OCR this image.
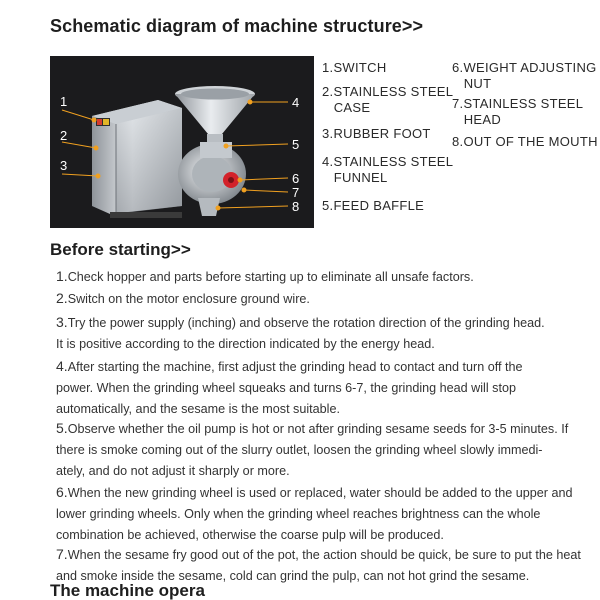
Schematic diagram of machine structure>>
1
2
3
4
5
6
7
8
1.SWITCH
2.STAINLESS STEEL
CASE
3.RUBBER FOOT
4.STAINLESS STEEL
FUNNEL
5.FEED BAFFLE
6.WEIGHT ADJUSTING
NUT
7.STAINLESS STEEL
HEAD
8.OUT OF THE MOUTH
Before starting>>
1.Check hopper and parts before starting up to eliminate all unsafe factors.
2.Switch on the motor enclosure ground wire.
3.Try the power supply (inching) and observe the rotation direction of the grinding head.
It is positive according to the direction indicated by the energy head.
4.After starting the machine, first adjust the grinding head to contact and turn off the
power. When the grinding wheel squeaks and turns 6-7, the grinding head will stop
automatically, and the sesame is the most suitable.
5.Observe whether the oil pump is hot or not after grinding sesame seeds for 3-5 minutes. If
there is smoke coming out of the slurry outlet, loosen the grinding wheel slowly immedi-
ately, and do not adjust it sharply or more.
6.When the new grinding wheel is used or replaced, water should be added to the upper and
lower grinding wheels. Only when the grinding wheel reaches brightness can the whole
combination be achieved, otherwise the coarse pulp will be produced.
7.When the sesame fry good out of the pot, the action should be quick, be sure to put the heat
and smoke inside the sesame, cold can grind the pulp, can not hot grind the sesame.
The machine opera
